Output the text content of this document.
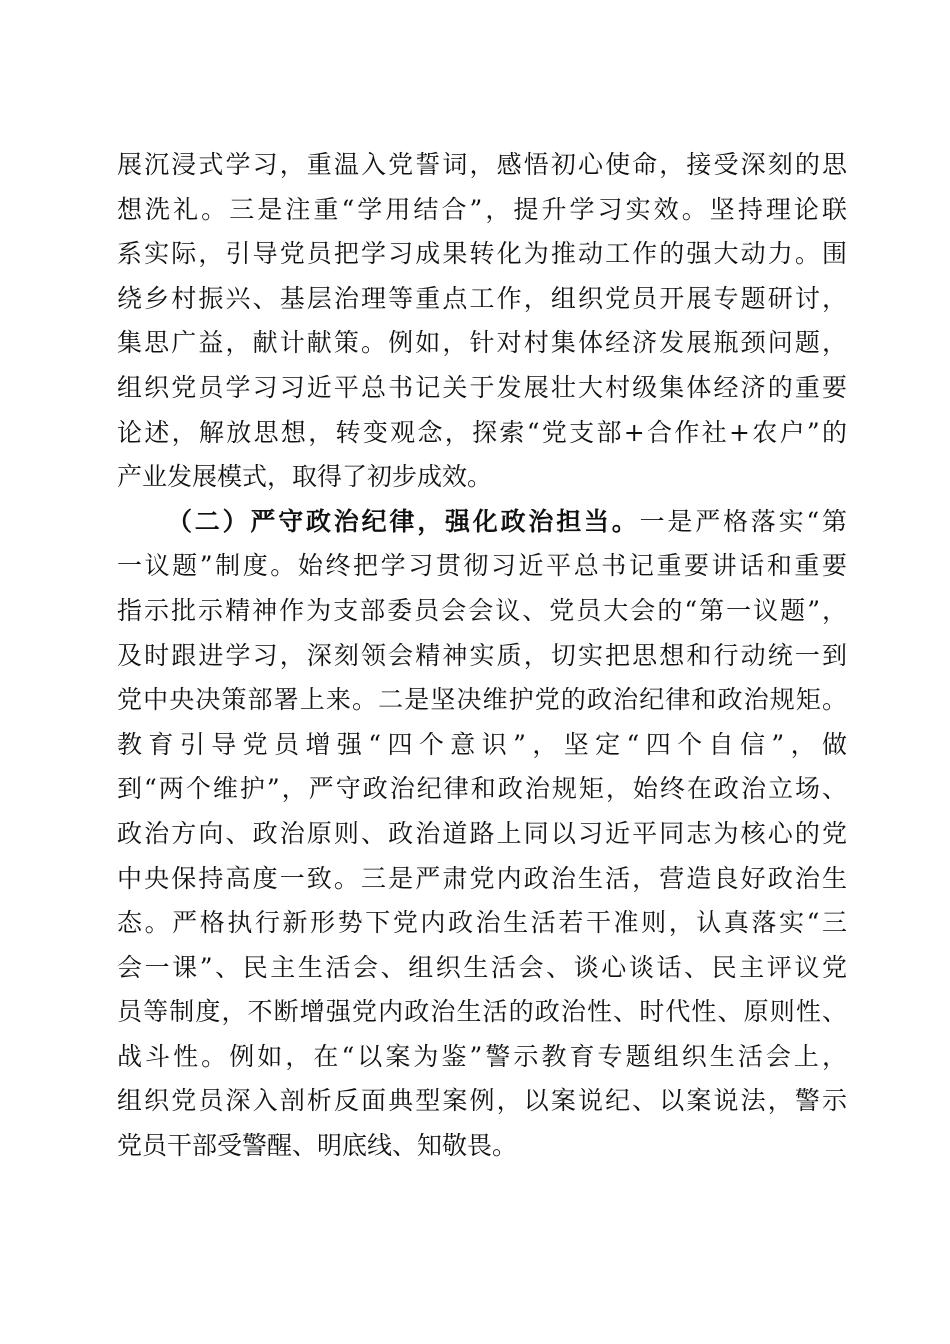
展沉浸式学习，重温入党誓词，感悟初心使命，接受深刻的思
想洗礼。三是注重“学用结合”，提升学习实效。坚持理论联
系实际，引导党员把学习成果转化为推动工作的强大动力。围
绕乡村振兴、基层治理等重点工作，组织党员开展专题研讨，
集思广益，献计献策。例如，针对村集体经济发展瓶颈问题，
组织党员学习习近平总书记关于发展壮大村级集体经济的重要
论述，解放思想，转变观念，探索“党支部+合作社+农户”的
产业发展模式，取得了初步成效。
（二）严守政治纪律，强化政治担当。一是严格落实“第
一议题”制度。始终把学习贯彻习近平总书记重要讲话和重要
指示批示精神作为支部委员会会议、党员大会的“第一议题”，
及时跟进学习，深刻领会精神实质，切实把思想和行动统一到
党中央决策部署上来。二是坚决维护党的政治纪律和政治规矩。
教育引导党员增强“四个意识”，坚定“四个自信”，做
到“两个维护”，严守政治纪律和政治规矩，始终在政治立场、
政治方向、政治原则、政治道路上同以习近平同志为核心的党
中央保持高度一致。三是严肃党内政治生活，营造良好政治生
态。严格执行新形势下党内政治生活若干准则，认真落实“三
会一课”、民主生活会、组织生活会、谈心谈话、民主评议党
员等制度，不断增强党内政治生活的政治性、时代性、原则性、
战斗性。例如，在“以案为鉴”警示教育专题组织生活会上，
组织党员深入剖析反面典型案例，以案说纪、以案说法，警示
党员干部受警醒、明底线、知敬畏。
